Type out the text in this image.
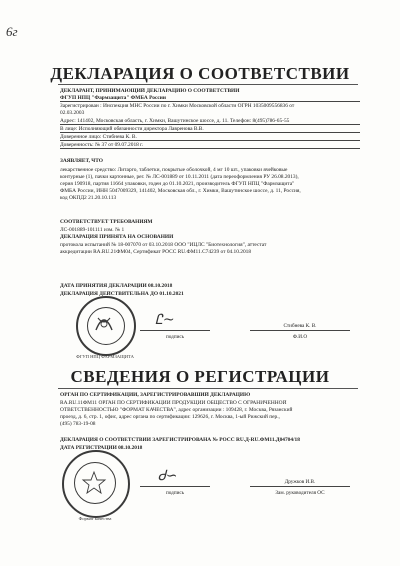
6г
ДЕКЛАРАЦИЯ О СООТВЕТСТВИИ
ДЕКЛАРАНТ, ПРИНИМАЮЩИЙ ДЕКЛАРАЦИЮ О СООТВЕТСТВИИ
ФГУП НПЦ "Фармзащита" ФМБА России
Зарегистрирован : Инспекция МНС России по г. Химки Московской области ОГРН 1035009556836 от
02.03.2003
Адрес: 141402, Московская область, г. Химки, Вашутинское шоссе, д. 11. Телефон: 8(495)786-65-55
В лице: Исполняющий обязанности директора Лавренова В.В.
Доверенное лицо: Стибнева К. В.
Доверенность: № 37 от 09.07.2018 г.
ЗАЯВЛЯЕТ, ЧТО
лекарственное средство: Литарго, таблетки, покрытые оболочкой, 4 мг 10 шт., упаковки ячейковые
контурные (1), пачки картонные, рег. № ЛС-001889 от 10.11.2011 (дата переоформления РУ 26.08.2013),
серия 190918, партия 11664 упаковки, годен до 01.10.2021, производитель ФГУП НПЦ "Фармзащита"
ФМБА России, ИНН 5047009329, 141402, Московская обл., г. Химки, Вашутинское шоссе, д. 11, Россия,
код ОКПД2 21.20.10.113
СООТВЕТСТВУЕТ ТРЕБОВАНИЯМ
ЛС-001889-101111 изм. № 1
ДЕКЛАРАЦИЯ ПРИНЯТА НА ОСНОВАНИИ
протокола испытаний № 18-007070 от 03.10.2018 ООО "ИЦЛС "Биотехнология", аттестат
аккредитации RA.RU.21ФМ04, Сертификат РОСС RU.ФМ11.С74239 от 04.10.2018
ДАТА ПРИНЯТИЯ ДЕКЛАРАЦИИ 08.10.2018
ДЕКЛАРАЦИЯ ДЕЙСТВИТЕЛЬНА ДО 01.10.2021
ФГУП НПЦ ФАРМЗАЩИТА
Ꮭ~
подпись
Стибнева К. В.
Ф.И.О
СВЕДЕНИЯ О РЕГИСТРАЦИИ
ОРГАН ПО СЕРТИФИКАЦИИ, ЗАРЕГИСТРИРОВАВШИЙ ДЕКЛАРАЦИЮ
RA.RU.11ФМ11 ОРГАН ПО СЕРТИФИКАЦИИ ПРОДУКЦИИ ОБЩЕСТВО С ОГРАНИЧЕННОЙ
ОТВЕТСТВЕННОСТЬЮ "ФОРМАТ КАЧЕСТВА", адрес организации : 109428, г. Москва, Рязанский
проезд, д. 6, стр. 1, офис, адрес органа по сертификации: 129626, г. Москва, 1-ый Рижский пер.,
(495) 783-19-08
ДЕКЛАРАЦИЯ О СООТВЕТСТВИИ ЗАРЕГИСТРИРОВАНА № РОСС RU.Д-RU.ФМ11.Д04704/18
ДАТА РЕГИСТРАЦИИ 08.10.2018
Формат качества
Ꮷ∽
подпись
Дружков И.В.
Зам. руководителя ОС
